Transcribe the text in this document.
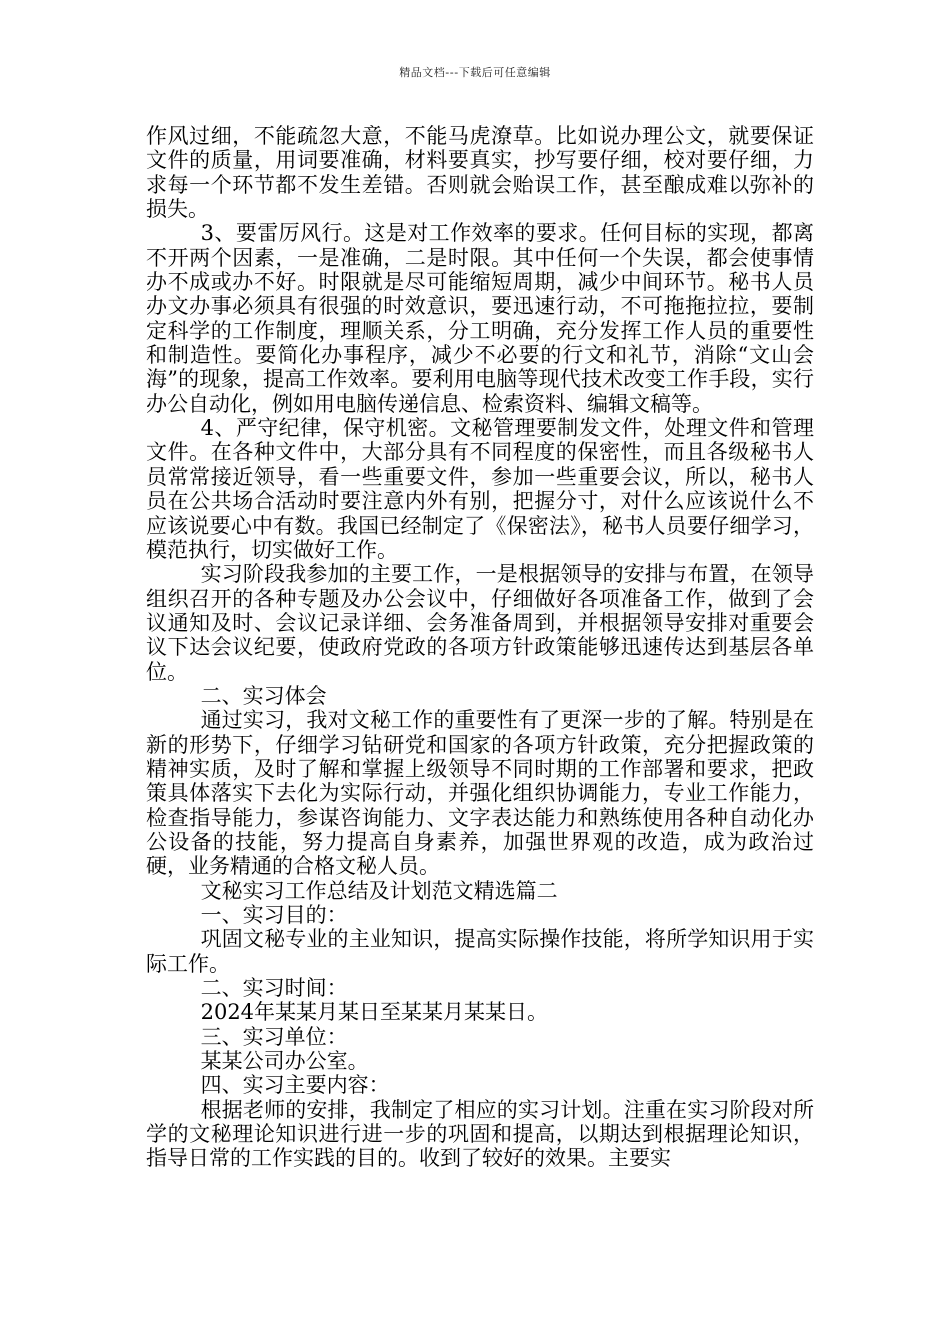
精品文档---下载后可任意编辑

作风过细，不能疏忽大意，不能马虎潦草。比如说办理公文，就要保证文件的质量，用词要准确，材料要真实，抄写要仔细，校对要仔细，力求每一个环节都不发生差错。否则就会贻误工作，甚至酿成难以弥补的损失。

3、要雷厉风行。这是对工作效率的要求。任何目标的实现，都离不开两个因素，一是准确，二是时限。其中任何一个失误，都会使事情办不成或办不好。时限就是尽可能缩短周期，减少中间环节。秘书人员办文办事必须具有很强的时效意识，要迅速行动，不可拖拖拉拉，要制定科学的工作制度，理顺关系，分工明确，充分发挥工作人员的重要性和制造性。要简化办事程序，减少不必要的行文和礼节，消除“文山会海”的现象，提高工作效率。要利用电脑等现代技术改变工作手段，实行办公自动化，例如用电脑传递信息、检索资料、编辑文稿等。

4、严守纪律，保守机密。文秘管理要制发文件，处理文件和管理文件。在各种文件中，大部分具有不同程度的保密性，而且各级秘书人员常常接近领导，看一些重要文件，参加一些重要会议，所以，秘书人员在公共场合活动时要注意内外有别，把握分寸，对什么应该说什么不应该说要心中有数。我国已经制定了《保密法》，秘书人员要仔细学习，模范执行，切实做好工作。

实习阶段我参加的主要工作，一是根据领导的安排与布置，在领导组织召开的各种专题及办公会议中，仔细做好各项准备工作，做到了会议通知及时、会议记录详细、会务准备周到，并根据领导安排对重要会议下达会议纪要，使政府党政的各项方针政策能够迅速传达到基层各单位。

二、实习体会

通过实习，我对文秘工作的重要性有了更深一步的了解。特别是在新的形势下，仔细学习钻研党和国家的各项方针政策，充分把握政策的精神实质，及时了解和掌握上级领导不同时期的工作部署和要求，把政策具体落实下去化为实际行动，并强化组织协调能力，专业工作能力，检查指导能力，参谋咨询能力、文字表达能力和熟练使用各种自动化办公设备的技能，努力提高自身素养，加强世界观的改造，成为政治过硬，业务精通的合格文秘人员。

文秘实习工作总结及计划范文精选篇二

一、实习目的：

巩固文秘专业的主业知识，提高实际操作技能，将所学知识用于实际工作。

二、实习时间：

2024年某某月某日至某某月某某日。

三、实习单位：

某某公司办公室。

四、实习主要内容：

根据老师的安排，我制定了相应的实习计划。注重在实习阶段对所学的文秘理论知识进行进一步的巩固和提高，以期达到根据理论知识，指导日常的工作实践的目的。收到了较好的效果。主要实
